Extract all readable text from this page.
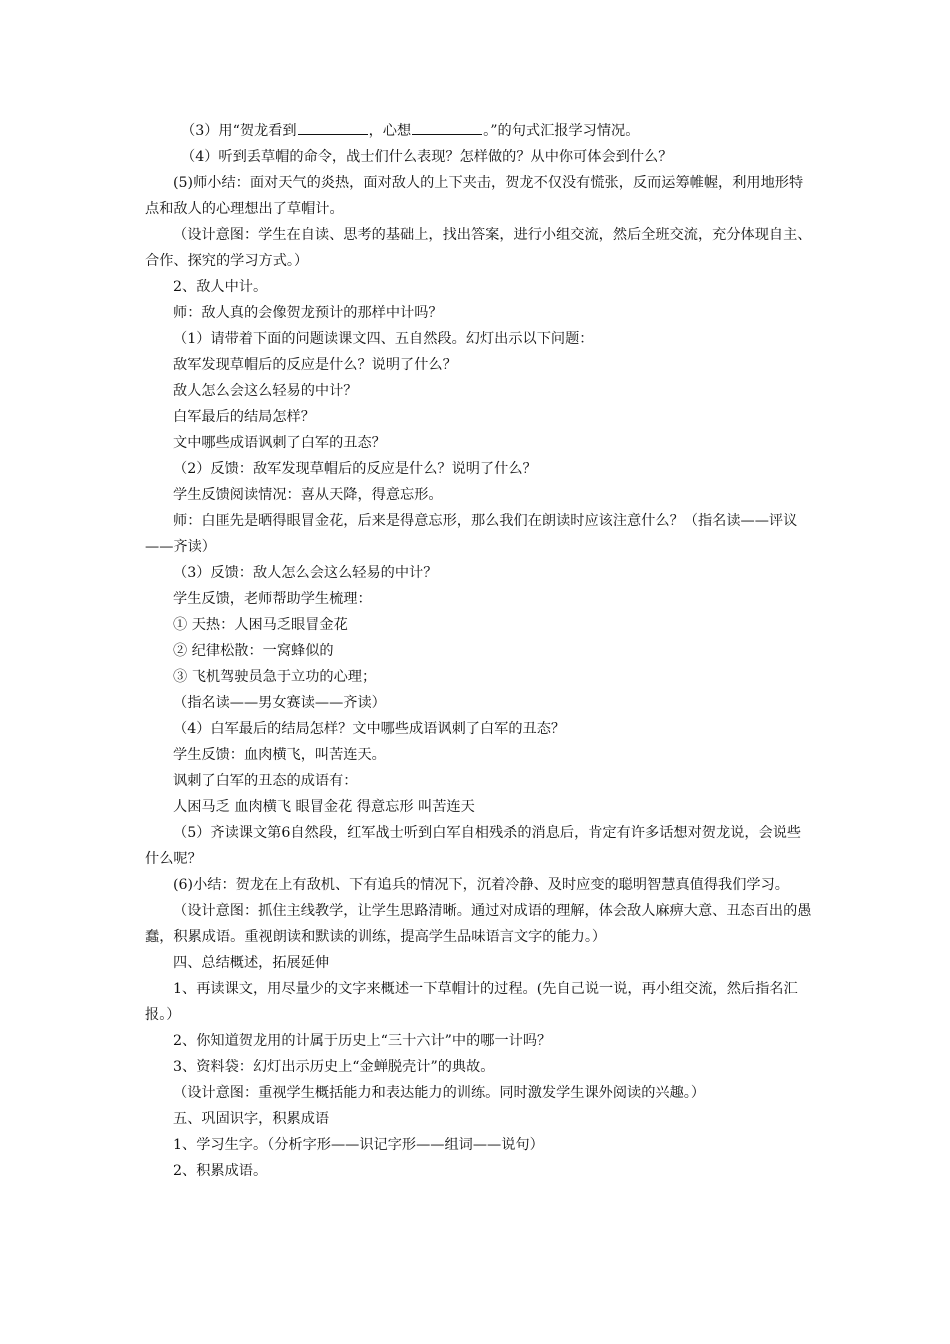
（3）用“贺龙看到	，心想	。”的句式汇报学习情况。

（4）听到丢草帽的命令，战士们什么表现？怎样做的？从中你可体会到什么？

(5)师小结：面对天气的炎热，面对敌人的上下夹击，贺龙不仅没有慌张，反而运筹帷幄，利用地形特点和敌人的心理想出了草帽计。

（设计意图：学生在自读、思考的基础上，找出答案，进行小组交流，然后全班交流，充分体现自主、合作、探究的学习方式。）

2、敌人中计。

师：敌人真的会像贺龙预计的那样中计吗？

（1）请带着下面的问题读课文四、五自然段。幻灯出示以下问题：

敌军发现草帽后的反应是什么？说明了什么？

敌人怎么会这么轻易的中计？

白军最后的结局怎样？

文中哪些成语讽刺了白军的丑态？

（2）反馈：敌军发现草帽后的反应是什么？说明了什么？

学生反馈阅读情况：喜从天降，得意忘形。

师：白匪先是晒得眼冒金花，后来是得意忘形，那么我们在朗读时应该注意什么？（指名读——评议——齐读）

（3）反馈：敌人怎么会这么轻易的中计？

学生反馈，老师帮助学生梳理：

① 天热：人困马乏眼冒金花

② 纪律松散：一窝蜂似的

③ 飞机驾驶员急于立功的心理；

（指名读——男女赛读——齐读）

（4）白军最后的结局怎样？文中哪些成语讽刺了白军的丑态？

学生反馈：血肉横飞，叫苦连天。

讽刺了白军的丑态的成语有：

人困马乏 血肉横飞 眼冒金花 得意忘形 叫苦连天

（5）齐读课文第6自然段，红军战士听到白军自相残杀的消息后，肯定有许多话想对贺龙说，会说些什么呢？

(6)小结：贺龙在上有敌机、下有追兵的情况下，沉着冷静、及时应变的聪明智慧真值得我们学习。

（设计意图：抓住主线教学，让学生思路清晰。通过对成语的理解，体会敌人麻痹大意、丑态百出的愚蠢，积累成语。重视朗读和默读的训练，提高学生品味语言文字的能力。）

四、总结概述，拓展延伸

1、再读课文，用尽量少的文字来概述一下草帽计的过程。(先自己说一说，再小组交流，然后指名汇报。）

2、你知道贺龙用的计属于历史上“三十六计”中的哪一计吗？

3、资料袋：幻灯出示历史上“金蝉脱壳计”的典故。

（设计意图：重视学生概括能力和表达能力的训练。同时激发学生课外阅读的兴趣。）

五、巩固识字，积累成语

1、学习生字。（分析字形——识记字形——组词——说句）

2、积累成语。
